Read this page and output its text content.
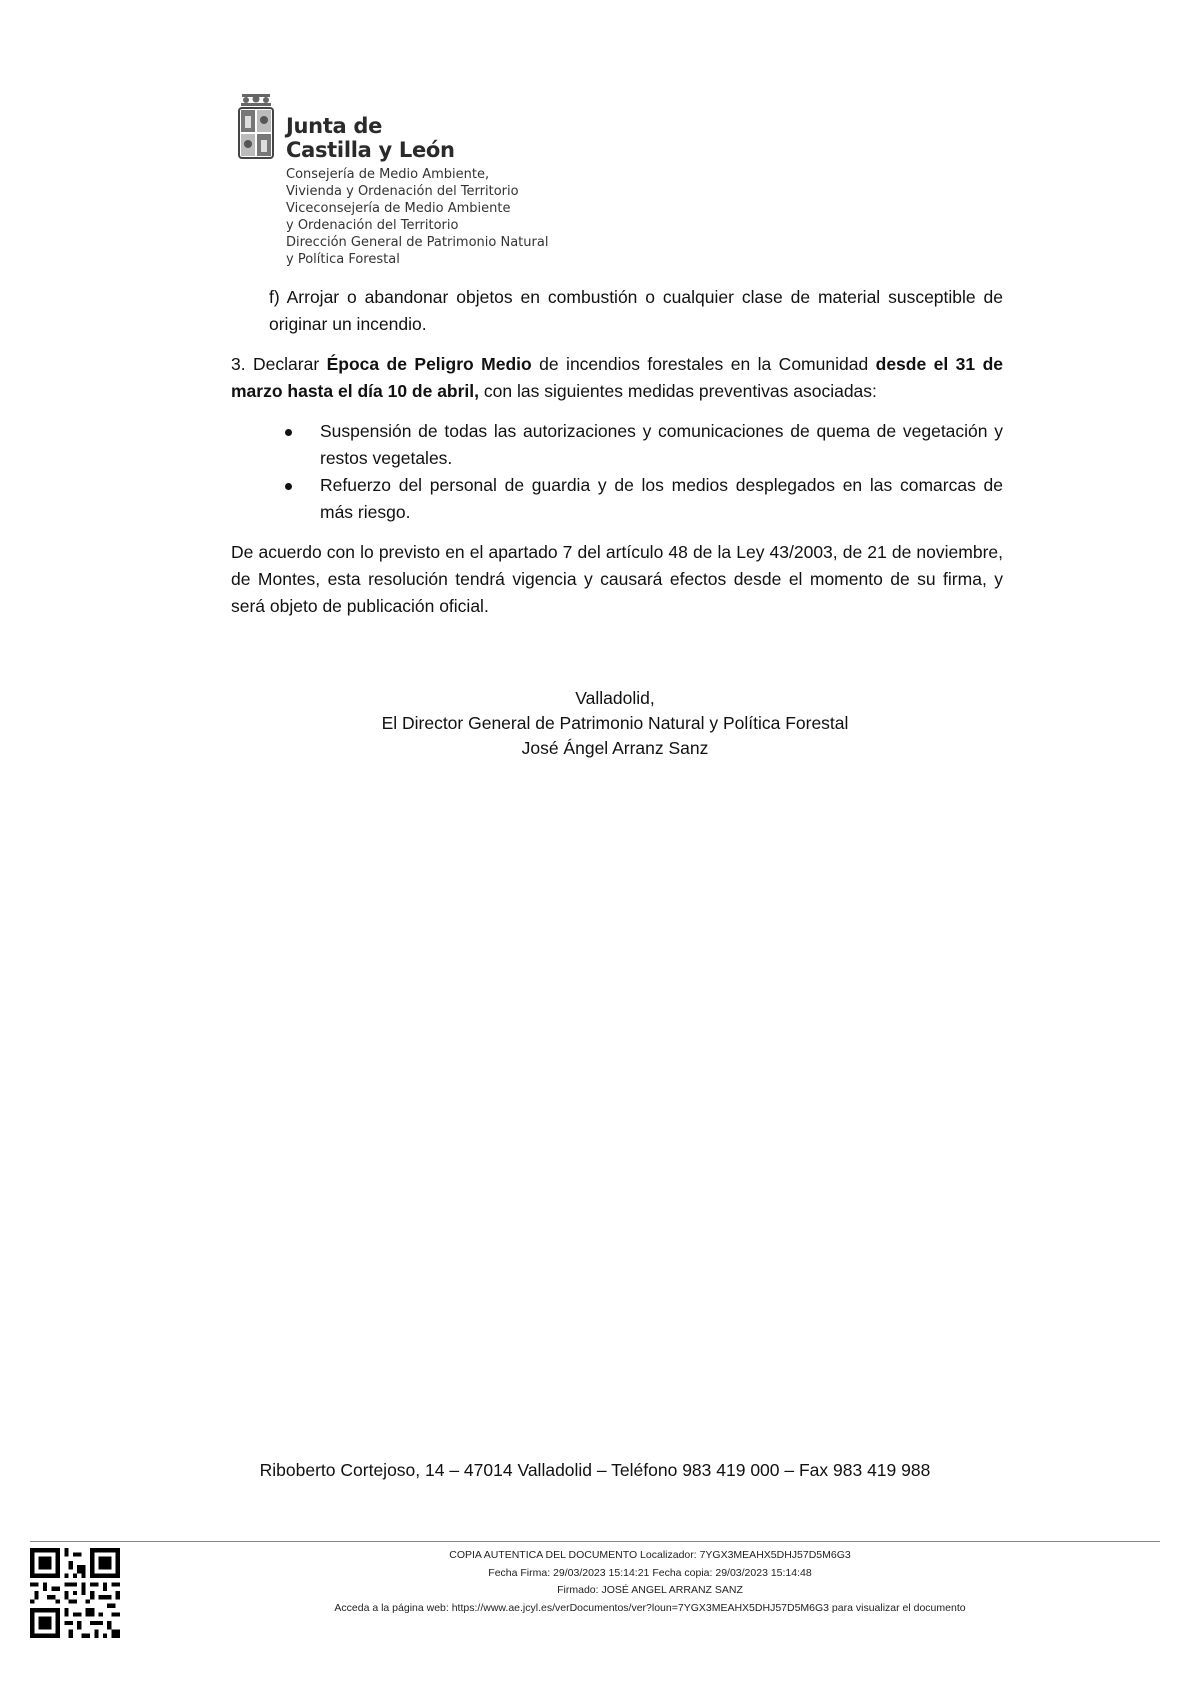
Junta de
Castilla y León
Consejería de Medio Ambiente,
Vivienda y Ordenación del Territorio
Viceconsejería de Medio Ambiente
y Ordenación del Territorio
Dirección General de Patrimonio Natural
y Política Forestal

f) Arrojar o abandonar objetos en combustión o cualquier clase de material susceptible de originar un incendio.

3. Declarar Época de Peligro Medio de incendios forestales en la Comunidad desde el 31 de marzo hasta el día 10 de abril, con las siguientes medidas preventivas asociadas:

Suspensión de todas las autorizaciones y comunicaciones de quema de vegetación y restos vegetales.
Refuerzo del personal de guardia y de los medios desplegados en las comarcas de más riesgo.

De acuerdo con lo previsto en el apartado 7 del artículo 48 de la Ley 43/2003, de 21 de noviembre, de Montes, esta resolución tendrá vigencia y causará efectos desde el momento de su firma, y será objeto de publicación oficial.

Valladolid,
El Director General de Patrimonio Natural y Política Forestal
José Ángel Arranz Sanz
Riboberto Cortejoso, 14 – 47014 Valladolid – Teléfono 983 419 000 – Fax 983 419 988
COPIA AUTENTICA DEL DOCUMENTO Localizador: 7YGX3MEAHX5DHJ57D5M6G3
Fecha Firma: 29/03/2023 15:14:21 Fecha copia: 29/03/2023 15:14:48
Firmado: JOSÉ ANGEL ARRANZ SANZ
Acceda a la página web: https://www.ae.jcyl.es/verDocumentos/ver?loun=7YGX3MEAHX5DHJ57D5M6G3 para visualizar el documento
